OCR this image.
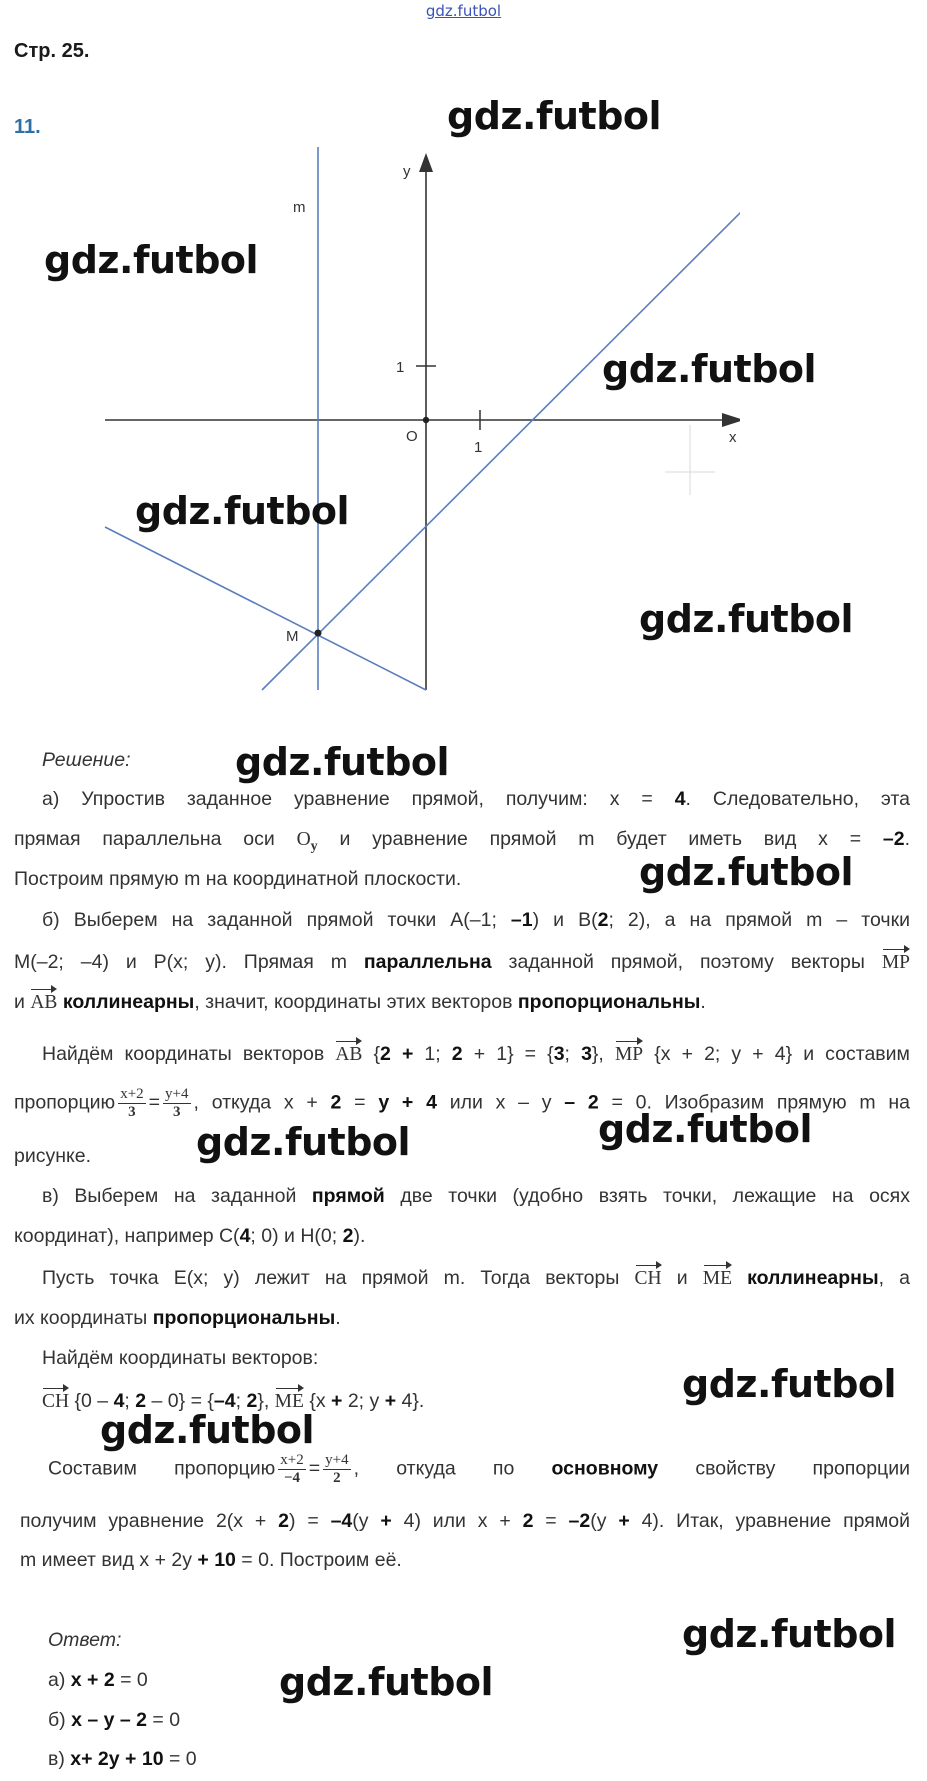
gdz.futbol
Стр. 25.
11.
y
x
O
1
1
m
M
Решение:
а) Упростив заданное уравнение прямой, получим: x = 4. Следовательно, эта
прямая параллельна оси $O_y$ и уравнение прямой m будет иметь вид x = –2.
Построим прямую m на координатной плоскости.
б) Выберем на заданной прямой точки A(–1; –1) и B(2; 2), а на прямой m – точки
M(–2; –4) и P(x; y). Прямая m параллельна заданной прямой, поэтому векторы MP
и AB коллинеарны, значит, координаты этих векторов пропорциональны.
Найдём координаты векторов AB {2 + 1; 2 + 1} = {3; 3}, MP {x + 2; y + 4} и составим
пропорцию $\frac{x+2}{3} = \frac{y+4}{3}$ , откуда x + 2 = y + 4 или x – y – 2 = 0. Изобразим прямую m на
рисунке.
в) Выберем на заданной прямой две точки (удобно взять точки, лежащие на осях
координат), например C(4; 0) и H(0; 2).
Пусть точка E(x; y) лежит на прямой m. Тогда векторы CH и ME коллинеарны, а
их координаты пропорциональны.
Найдём координаты векторов:
CH {0 – 4; 2 – 0} = {–4; 2}, ME {x + 2; y + 4}.
Составим пропорцию $\frac{x+2}{-4} = \frac{y+4}{2}$ , откуда по основному свойству пропорции
получим уравнение 2(x + 2) = –4(y + 4) или x + 2 = –2(y + 4). Итак, уравнение прямой
m имеет вид x + 2y + 10 = 0. Построим её.
Ответ:
а) x + 2 = 0
б) x – y – 2 = 0
в) x+ 2y + 10 = 0
gdz.futbol
gdz.futbol
gdz.futbol
gdz.futbol
gdz.futbol
gdz.futbol
gdz.futbol
gdz.futbol
gdz.futbol
gdz.futbol
gdz.futbol
gdz.futbol
gdz.futbol
